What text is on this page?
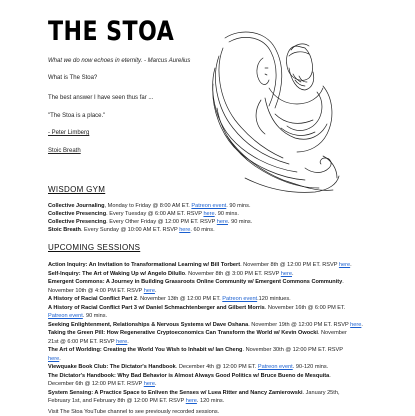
THE STOA
What we do now echoes in eternity. - Marcus Aurelius
What is The Stoa?
The best answer I have seen thus far ...
"The Stoa is a place."
- Peter Limberg
Stoic Breath
WISDOM GYM
Collective Journaling, Monday to Friday @ 8:00 AM ET. Patreon event. 90 mins.
Collective Presencing. Every Tuesday @ 6:00 AM ET. RSVP here. 90 mins.
Collective Presencing. Every Other Friday @ 12:00 PM ET. RSVP here. 90 mins.
Stoic Breath. Every Sunday @ 10:00 AM ET. RSVP here. 60 mins.
UPCOMING SESSIONS
Action Inquiry: An Invitation to Transformational Learning w/ Bill Torbert. November 8th @ 12:00 PM ET. RSVP here.
Self-Inquiry: The Art of Waking Up w/ Angelo Dilullo. November 8th @ 3:00 PM ET. RSVP here.
Emergent Commons: A Journey in Building Grassroots Online Community w/ Emergent Commons Community.
November 10th @ 4:00 PM ET. RSVP here.
A History of Racial Conflict Part 2. November 13th @ 12:00 PM ET. Patreon event.120 mintues.
A History of Racial Conflict Part 3 w/ Daniel Schmachtenberger and Gilbert Morris. November 16th @ 6:00 PM ET.
Patreon event. 90 mins.
Seeking Enlightenment, Relationships & Nervous Systems w/ Dave Oshana. November 19th @ 12:00 PM ET. RSVP here.
Taking the Green Pill: How Regenerative Cryptoeconomics Can Transform the World w/ Kevin Owocki. November
21st @ 6:00 PM ET. RSVP here.
The Art of Worlding: Creating the World You Wish to Inhabit w/ Ian Cheng. November 30th @ 12:00 PM ET. RSVP
here.
Viewquake Book Club: The Dictator's Handbook. December 4th @ 12:00 PM ET. Patreon event. 90-120 mins.
The Dictator's Handbook: Why Bad Behavior is Almost Always Good Politics w/ Bruce Bueno de Mesquita.
December 6th @ 12:00 PM ET. RSVP here.
System Sensing: A Practice Space to Enliven the Senses w/ Luea Ritter and Nancy Zamierowski. January 25th,
February 1st, and February 8th @ 12:00 PM ET. RSVP here. 120 mins.
Visit The Stoa YouTube channel to see previously recorded sessions.
